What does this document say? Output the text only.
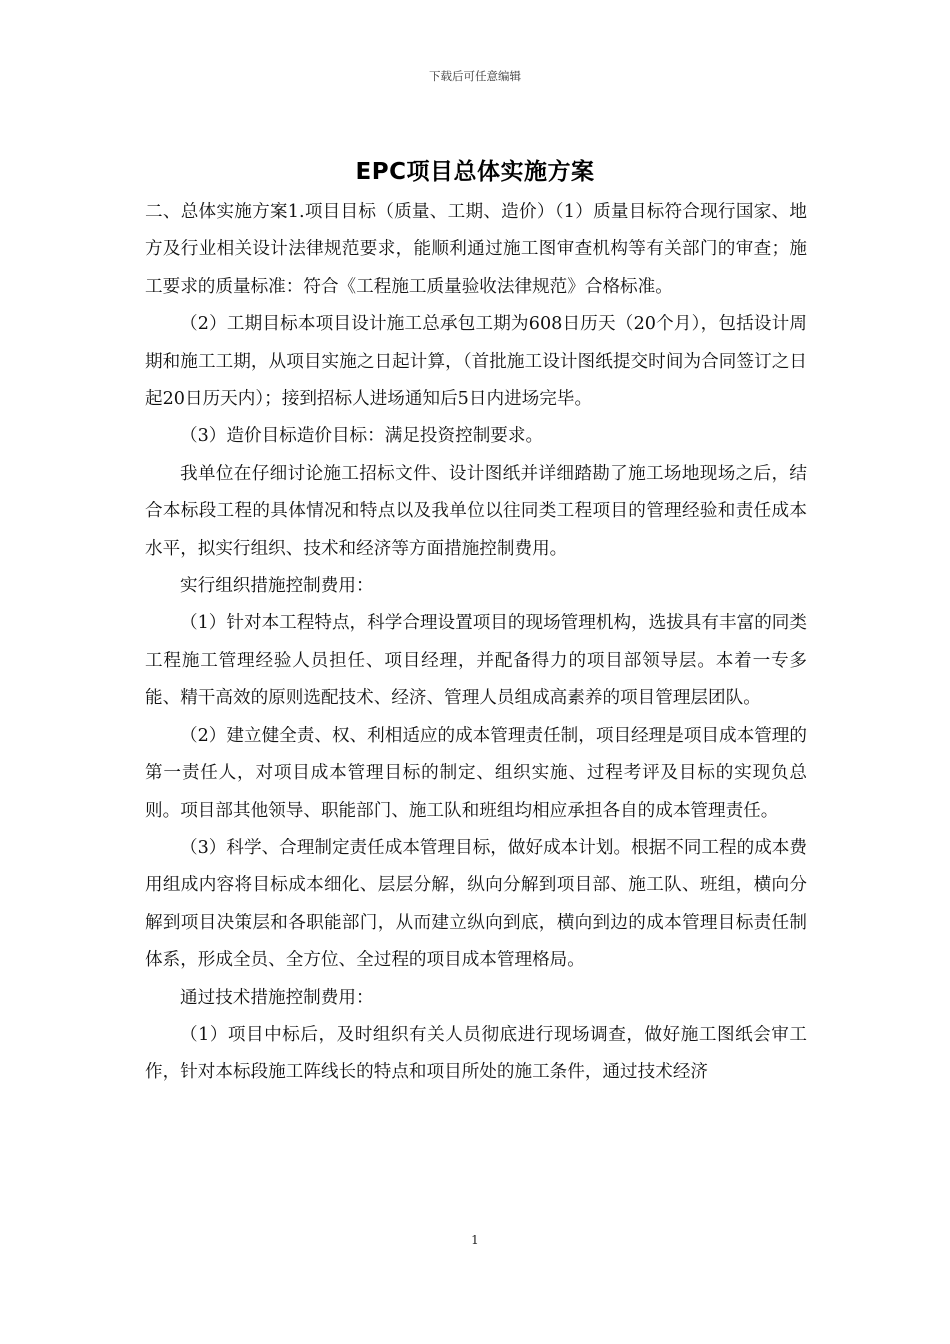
下载后可任意编辑
EPC项目总体实施方案

二、总体实施方案1.项目目标（质量、工期、造价）（1）质量目标符合现行国家、地方及行业相关设计法律规范要求，能顺利通过施工图审查机构等有关部门的审查；施工要求的质量标准：符合《工程施工质量验收法律规范》合格标准。

（2）工期目标本项目设计施工总承包工期为608日历天（20个月），包括设计周期和施工工期，从项目实施之日起计算，（首批施工设计图纸提交时间为合同签订之日起20日历天内）；接到招标人进场通知后5日内进场完毕。

（3）造价目标造价目标：满足投资控制要求。

我单位在仔细讨论施工招标文件、设计图纸并详细踏勘了施工场地现场之后，结合本标段工程的具体情况和特点以及我单位以往同类工程项目的管理经验和责任成本水平，拟实行组织、技术和经济等方面措施控制费用。

实行组织措施控制费用：

（1）针对本工程特点，科学合理设置项目的现场管理机构，选拔具有丰富的同类工程施工管理经验人员担任、项目经理，并配备得力的项目部领导层。本着一专多能、精干高效的原则选配技术、经济、管理人员组成高素养的项目管理层团队。

（2）建立健全责、权、利相适应的成本管理责任制，项目经理是项目成本管理的第一责任人，对项目成本管理目标的制定、组织实施、过程考评及目标的实现负总则。项目部其他领导、职能部门、施工队和班组均相应承担各自的成本管理责任。

（3）科学、合理制定责任成本管理目标，做好成本计划。根据不同工程的成本费用组成内容将目标成本细化、层层分解，纵向分解到项目部、施工队、班组，横向分解到项目决策层和各职能部门，从而建立纵向到底，横向到边的成本管理目标责任制体系，形成全员、全方位、全过程的项目成本管理格局。

通过技术措施控制费用：

（1）项目中标后，及时组织有关人员彻底进行现场调查，做好施工图纸会审工作，针对本标段施工阵线长的特点和项目所处的施工条件，通过技术经济

1
